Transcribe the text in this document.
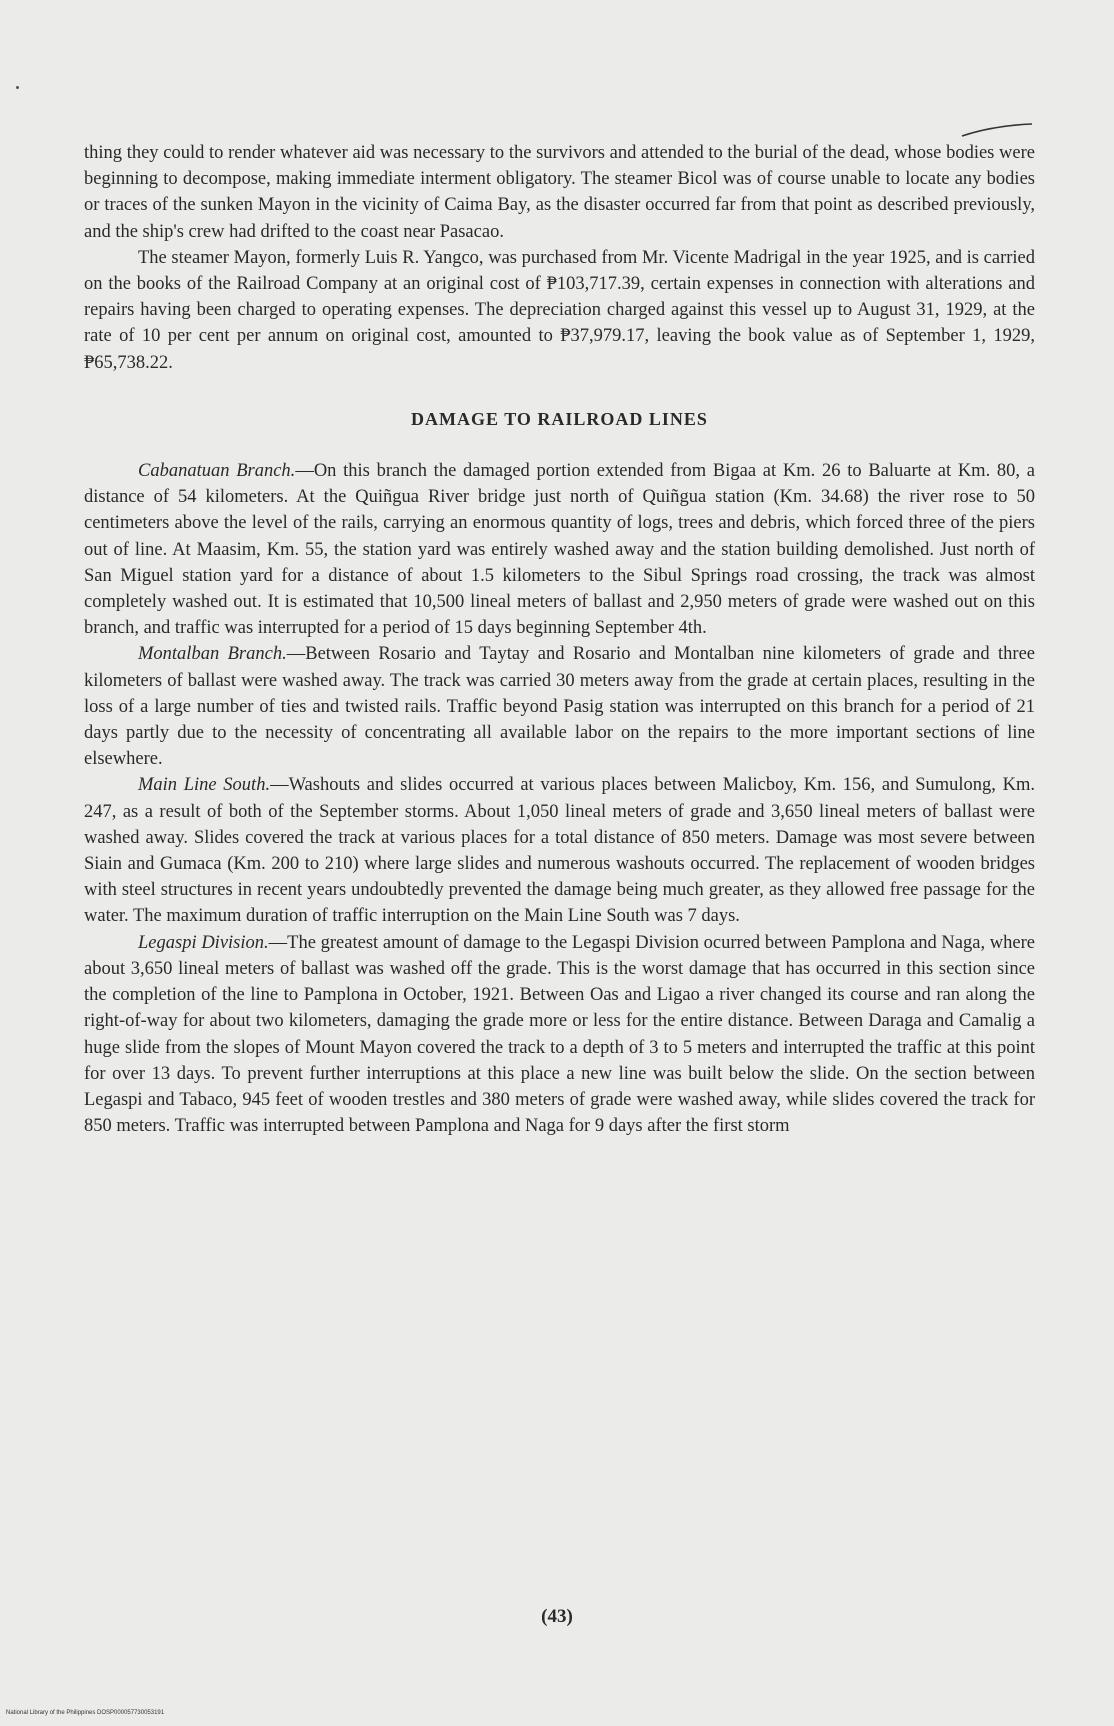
thing they could to render whatever aid was necessary to the survivors and attended to the burial of the dead, whose bodies were beginning to decompose, making immediate interment obligatory. The steamer Bicol was of course unable to locate any bodies or traces of the sunken Mayon in the vicinity of Caima Bay, as the disaster occurred far from that point as described previously, and the ship's crew had drifted to the coast near Pasacao.

The steamer Mayon, formerly Luis R. Yangco, was purchased from Mr. Vicente Madrigal in the year 1925, and is carried on the books of the Railroad Company at an original cost of ₱103,717.39, certain expenses in connection with alterations and repairs having been charged to operating expenses. The depreciation charged against this vessel up to August 31, 1929, at the rate of 10 per cent per annum on original cost, amounted to ₱37,979.17, leaving the book value as of September 1, 1929, ₱65,738.22.

DAMAGE TO RAILROAD LINES

Cabanatuan Branch.—On this branch the damaged portion extended from Bigaa at Km. 26 to Baluarte at Km. 80, a distance of 54 kilometers. At the Quiñgua River bridge just north of Quiñgua station (Km. 34.68) the river rose to 50 centimeters above the level of the rails, carrying an enormous quantity of logs, trees and debris, which forced three of the piers out of line. At Maasim, Km. 55, the station yard was entirely washed away and the station building demolished. Just north of San Miguel station yard for a distance of about 1.5 kilometers to the Sibul Springs road crossing, the track was almost completely washed out. It is estimated that 10,500 lineal meters of ballast and 2,950 meters of grade were washed out on this branch, and traffic was interrupted for a period of 15 days beginning September 4th.

Montalban Branch.—Between Rosario and Taytay and Rosario and Montalban nine kilometers of grade and three kilometers of ballast were washed away. The track was carried 30 meters away from the grade at certain places, resulting in the loss of a large number of ties and twisted rails. Traffic beyond Pasig station was interrupted on this branch for a period of 21 days partly due to the necessity of concentrating all available labor on the repairs to the more important sections of line elsewhere.

Main Line South.—Washouts and slides occurred at various places between Malicboy, Km. 156, and Sumulong, Km. 247, as a result of both of the September storms. About 1,050 lineal meters of grade and 3,650 lineal meters of ballast were washed away. Slides covered the track at various places for a total distance of 850 meters. Damage was most severe between Siain and Gumaca (Km. 200 to 210) where large slides and numerous washouts occurred. The replacement of wooden bridges with steel structures in recent years undoubtedly prevented the damage being much greater, as they allowed free passage for the water. The maximum duration of traffic interruption on the Main Line South was 7 days.

Legaspi Division.—The greatest amount of damage to the Legaspi Division ocurred between Pamplona and Naga, where about 3,650 lineal meters of ballast was washed off the grade. This is the worst damage that has occurred in this section since the completion of the line to Pamplona in October, 1921. Between Oas and Ligao a river changed its course and ran along the right-of-way for about two kilometers, damaging the grade more or less for the entire distance. Between Daraga and Camalig a huge slide from the slopes of Mount Mayon covered the track to a depth of 3 to 5 meters and interrupted the traffic at this point for over 13 days. To prevent further interruptions at this place a new line was built below the slide. On the section between Legaspi and Tabaco, 945 feet of wooden trestles and 380 meters of grade were washed away, while slides covered the track for 850 meters. Traffic was interrupted between Pamplona and Naga for 9 days after the first storm

(43)
National Library of the Philippines DOSP000057730053191
